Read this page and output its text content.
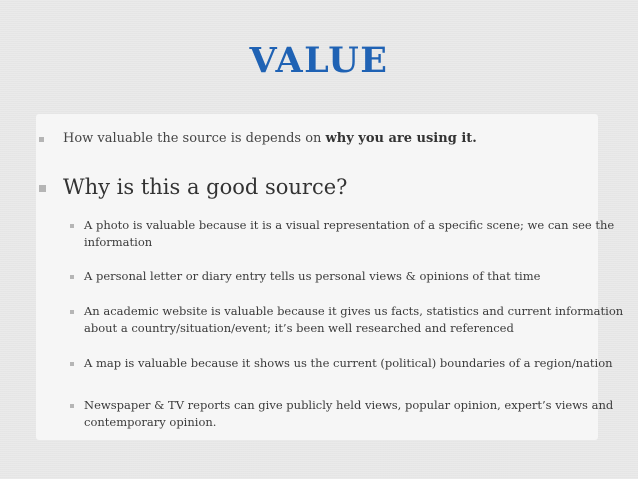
VALUE
How valuable the source is depends on why you are using it.
Why is this a good source?
A photo is valuable because it is a visual representation of a specific scene; we can see the
information
A personal letter or diary entry tells us personal views & opinions of that time
An academic website is valuable because it gives us facts, statistics and current information
about a country/situation/event; it’s been well researched and referenced
A map is valuable because it shows us the current (political) boundaries of a region/nation
Newspaper & TV reports can give publicly held views, popular opinion, expert’s views and
contemporary opinion.
